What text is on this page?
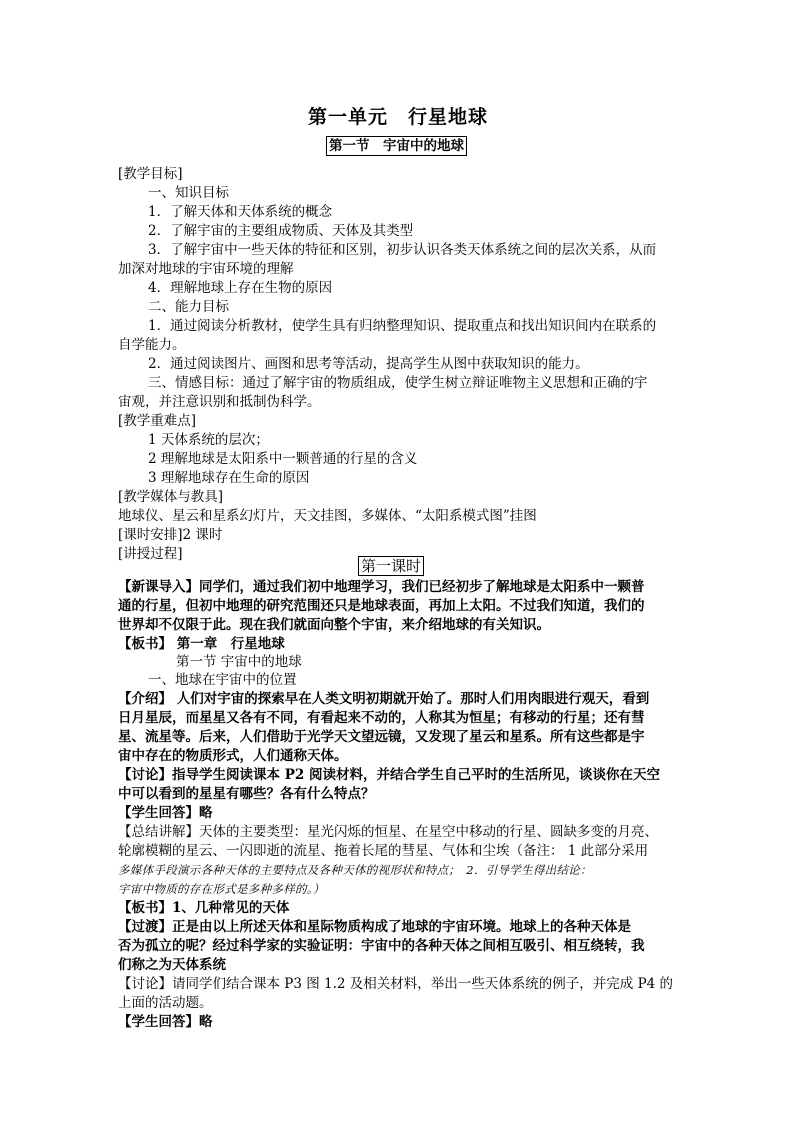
第一单元　行星地球
第一节　宇宙中的地球
[教学目标]
一、知识目标
1．了解天体和天体系统的概念
2．了解宇宙的主要组成物质、天体及其类型
3．了解宇宙中一些天体的特征和区别，初步认识各类天体系统之间的层次关系，从而
加深对地球的宇宙环境的理解
4．理解地球上存在生物的原因
二、能力目标
1．通过阅读分析教材，使学生具有归纳整理知识、提取重点和找出知识间内在联系的
自学能力。
2．通过阅读图片、画图和思考等活动，提高学生从图中获取知识的能力。
三、情感目标：通过了解宇宙的物质组成，使学生树立辩证唯物主义思想和正确的宇
宙观，并注意识别和抵制伪科学。
[教学重难点]
1 天体系统的层次；
2 理解地球是太阳系中一颗普通的行星的含义
3 理解地球存在生命的原因
[教学媒体与教具]
地球仪、星云和星系幻灯片，天文挂图，多媒体、“太阳系模式图”挂图
[课时安排]2 课时
[讲授过程]
第一课时
【新课导入】同学们，通过我们初中地理学习，我们已经初步了解地球是太阳系中一颗普
通的行星，但初中地理的研究范围还只是地球表面，再加上太阳。不过我们知道，我们的
世界却不仅限于此。现在我们就面向整个宇宙，来介绍地球的有关知识。
【板书】 第一章　行星地球
第一节 宇宙中的地球
一、地球在宇宙中的位置
【介绍】 人们对宇宙的探索早在人类文明初期就开始了。那时人们用肉眼进行观天，看到
日月星辰，而星星又各有不同，有看起来不动的，人称其为恒星；有移动的行星；还有彗
星、流星等。后来，人们借助于光学天文望远镜，又发现了星云和星系。所有这些都是宇
宙中存在的物质形式，人们通称天体。
【讨论】指导学生阅读课本 P2 阅读材料，并结合学生自己平时的生活所见，谈谈你在天空
中可以看到的星星有哪些？各有什么特点？
【学生回答】略
【总结讲解】天体的主要类型：星光闪烁的恒星、在星空中移动的行星、圆缺多变的月亮、
轮廓模糊的星云、一闪即逝的流星、拖着长尾的彗星、气体和尘埃（备注： 1 此部分采用
多媒体手段演示各种天体的主要特点及各种天体的视形状和特点；　2．引导学生得出结论：
宇宙中物质的存在形式是多种多样的。）
【板书】1、几种常见的天体
【过渡】正是由以上所述天体和星际物质构成了地球的宇宙环境。地球上的各种天体是
否为孤立的呢？经过科学家的实验证明：宇宙中的各种天体之间相互吸引、相互绕转，我
们称之为天体系统
【讨论】请同学们结合课本 P3 图 1.2 及相关材料，举出一些天体系统的例子，并完成 P4 的
上面的活动题。
【学生回答】略
